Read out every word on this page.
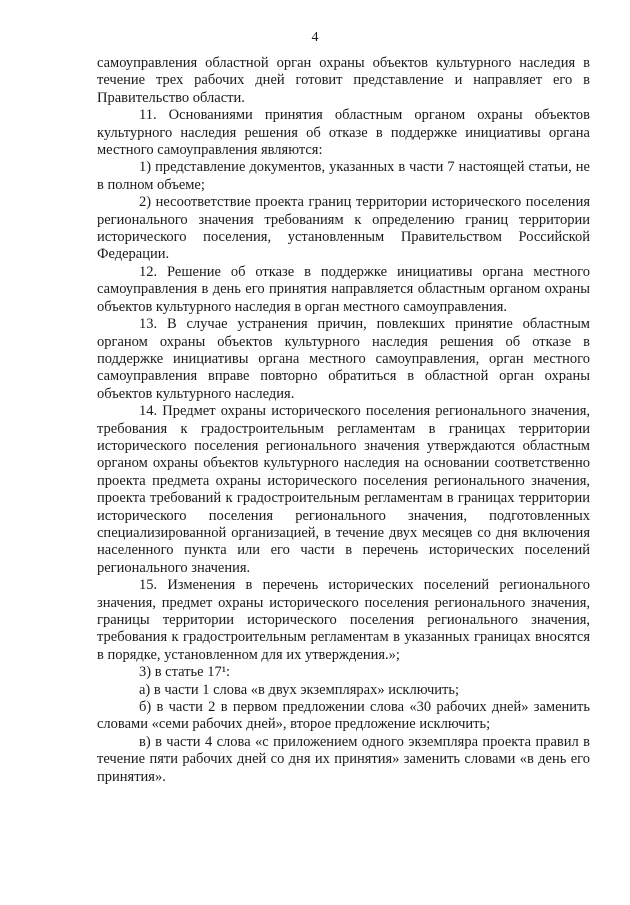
4

самоуправления областной орган охраны объектов культурного наследия в течение трех рабочих дней готовит представление и направляет его в Правительство области.

11. Основаниями принятия областным органом охраны объектов культурного наследия решения об отказе в поддержке инициативы органа местного самоуправления являются:

1) представление документов, указанных в части 7 настоящей статьи, не в полном объеме;

2) несоответствие проекта границ территории исторического поселения регионального значения требованиям к определению границ территории исторического поселения, установленным Правительством Российской Федерации.

12. Решение об отказе в поддержке инициативы органа местного самоуправления в день его принятия направляется областным органом охраны объектов культурного наследия в орган местного самоуправления.

13. В случае устранения причин, повлекших принятие областным органом охраны объектов культурного наследия решения об отказе в поддержке инициативы органа местного самоуправления, орган местного самоуправления вправе повторно обратиться в областной орган охраны объектов культурного наследия.

14. Предмет охраны исторического поселения регионального значения, требования к градостроительным регламентам в границах территории исторического поселения регионального значения утверждаются областным органом охраны объектов культурного наследия на основании соответственно проекта предмета охраны исторического поселения регионального значения, проекта требований к градостроительным регламентам в границах территории исторического поселения регионального значения, подготовленных специализированной организацией, в течение двух месяцев со дня включения населенного пункта или его части в перечень исторических поселений регионального значения.

15. Изменения в перечень исторических поселений регионального значения, предмет охраны исторического поселения регионального значения, границы территории исторического поселения регионального значения, требования к градостроительным регламентам в указанных границах вносятся в порядке, установленном для их утверждения.»;

3) в статье 17¹:

а) в части 1 слова «в двух экземплярах» исключить;

б) в части 2 в первом предложении слова «30 рабочих дней» заменить словами «семи рабочих дней», второе предложение исключить;

в) в части 4 слова «с приложением одного экземпляра проекта правил в течение пяти рабочих дней со дня их принятия» заменить словами «в день его принятия».
